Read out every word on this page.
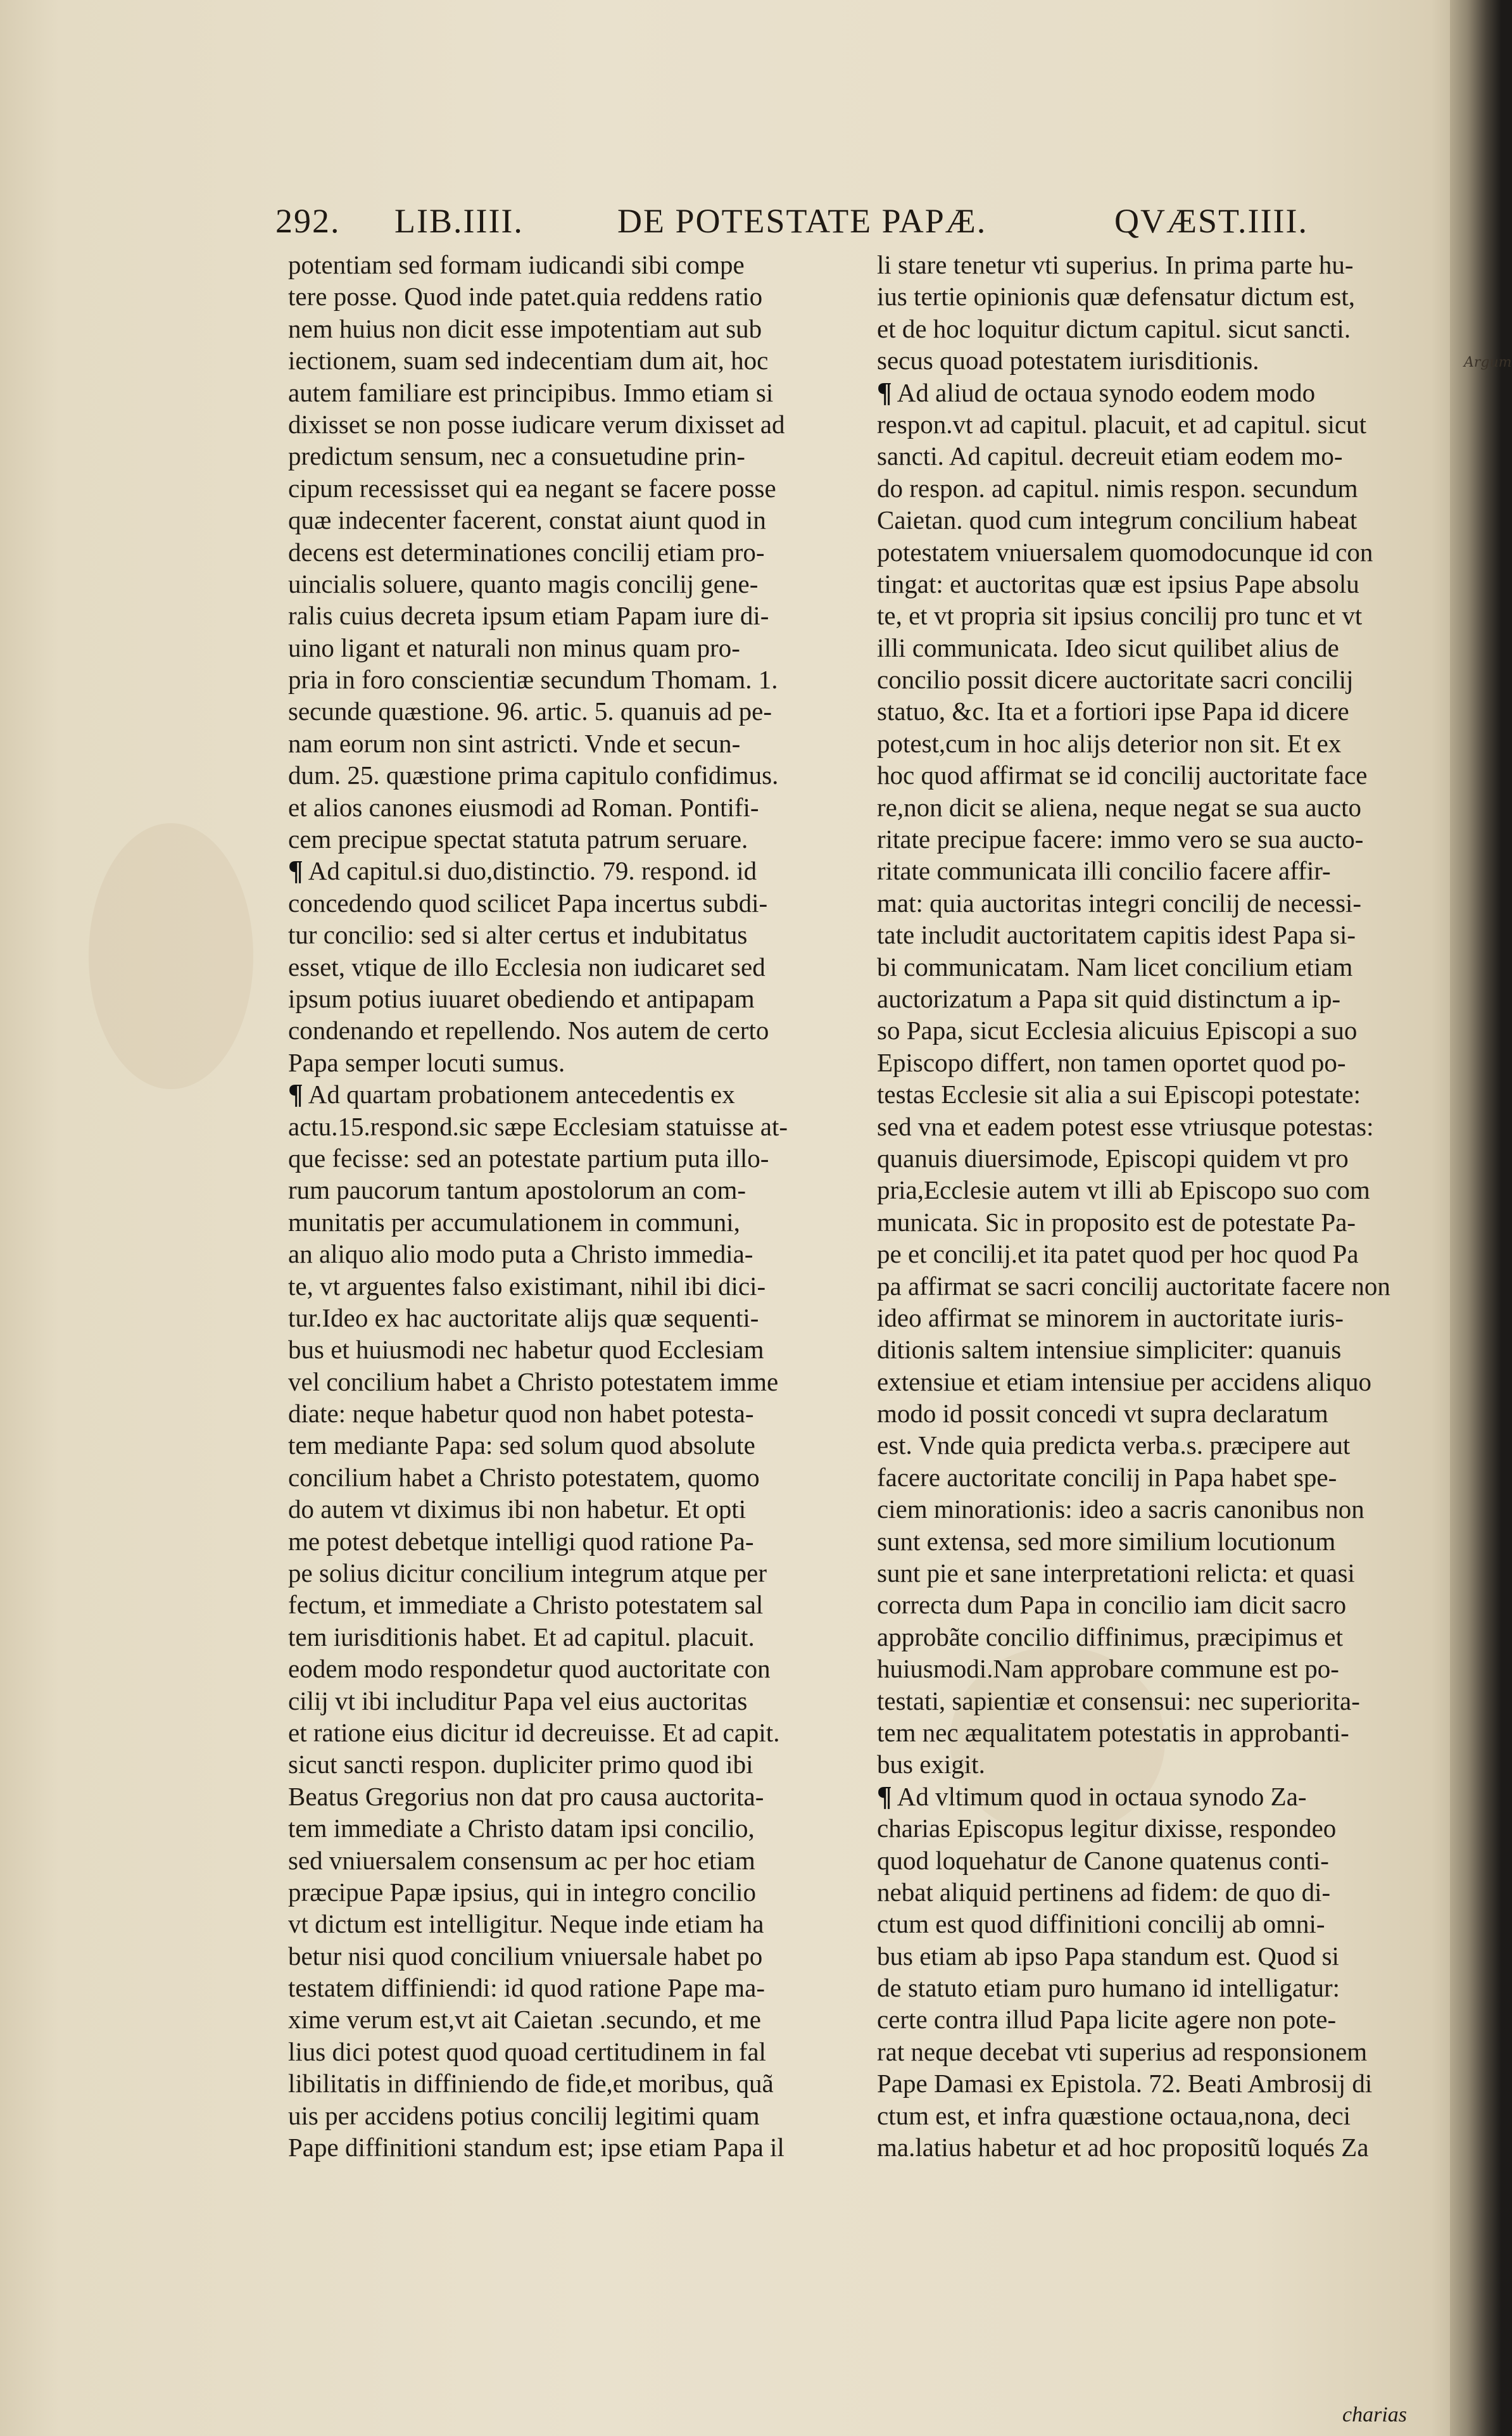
292. LIB.IIII.	DE POTESTATE PAPÆ.	QVÆST.IIII.
potentiam sed formam iudicandi sibi compe
tere posse. Quod inde patet.quia reddens ratio
nem huius non dicit esse impotentiam aut sub
iectionem, suam sed indecentiam dum ait, hoc
autem familiare est principibus. Immo etiam si
dixisset se non posse iudicare verum dixisset ad
predictum sensum, nec a consuetudine prin-
cipum recessisset qui ea negant se facere posse
quæ indecenter facerent, constat aiunt quod in
decens est determinationes concilij etiam pro-
uincialis soluere, quanto magis concilij gene-
ralis cuius decreta ipsum etiam Papam iure di-
uino ligant et naturali non minus quam pro-
pria in foro conscientiæ secundum Thomam. 1.
secunde quæstione. 96. artic. 5. quanuis ad pe-
nam eorum non sint astricti. Vnde et secun-
dum. 25. quæstione prima capitulo confidimus.
et alios canones eiusmodi ad Roman. Pontifi-
cem precipue spectat statuta patrum seruare.
¶ Ad capitul.si duo,distinctio. 79. respond. id
concedendo quod scilicet Papa incertus subdi-
tur concilio: sed si alter certus et indubitatus
esset, vtique de illo Ecclesia non iudicaret sed
ipsum potius iuuaret obediendo et antipapam
condenando et repellendo. Nos autem de certo
Papa semper locuti sumus.
¶ Ad quartam probationem antecedentis ex
actu.15.respond.sic sæpe Ecclesiam statuisse at-
que fecisse: sed an potestate partium puta illo-
rum paucorum tantum apostolorum an com-
munitatis per accumulationem in communi,
an aliquo alio modo puta a Christo immedia-
te, vt arguentes falso existimant, nihil ibi dici-
tur.Ideo ex hac auctoritate alijs quæ sequenti-
bus et huiusmodi nec habetur quod Ecclesiam
vel concilium habet a Christo potestatem imme
diate: neque habetur quod non habet potesta-
tem mediante Papa: sed solum quod absolute
concilium habet a Christo potestatem, quomo
do autem vt diximus ibi non habetur. Et opti
me potest debetque intelligi quod ratione Pa-
pe solius dicitur concilium integrum atque per
fectum, et immediate a Christo potestatem sal
tem iurisditionis habet. Et ad capitul. placuit.
eodem modo respondetur quod auctoritate con
cilij vt ibi includitur Papa vel eius auctoritas
et ratione eius dicitur id decreuisse. Et ad capit.
sicut sancti respon. dupliciter primo quod ibi
Beatus Gregorius non dat pro causa auctorita-
tem immediate a Christo datam ipsi concilio,
sed vniuersalem consensum ac per hoc etiam
præcipue Papæ ipsius, qui in integro concilio
vt dictum est intelligitur. Neque inde etiam ha
betur nisi quod concilium vniuersale habet po
testatem diffiniendi: id quod ratione Pape ma-
xime verum est,vt ait Caietan .secundo, et me
lius dici potest quod quoad certitudinem in fal
libilitatis in diffiniendo de fide,et moribus, quã
uis per accidens potius concilij legitimi quam
Pape diffinitioni standum est; ipse etiam Papa il
li stare tenetur vti superius. In prima parte hu-
ius tertie opinionis quæ defensatur dictum est,
et de hoc loquitur dictum capitul. sicut sancti.
secus quoad potestatem iurisditionis.
¶ Ad aliud de octaua synodo eodem modo
respon.vt ad capitul. placuit, et ad capitul. sicut
sancti. Ad capitul. decreuit etiam eodem mo-
do respon. ad capitul. nimis respon. secundum
Caietan. quod cum integrum concilium habeat
potestatem vniuersalem quomodocunque id con
tingat: et auctoritas quæ est ipsius Pape absolu
te, et vt propria sit ipsius concilij pro tunc et vt
illi communicata. Ideo sicut quilibet alius de
concilio possit dicere auctoritate sacri concilij
statuo, &c. Ita et a fortiori ipse Papa id dicere
potest,cum in hoc alijs deterior non sit. Et ex
hoc quod affirmat se id concilij auctoritate face
re,non dicit se aliena, neque negat se sua aucto
ritate precipue facere: immo vero se sua aucto-
ritate communicata illi concilio facere affir-
mat: quia auctoritas integri concilij de necessi-
tate includit auctoritatem capitis idest Papa si-
bi communicatam. Nam licet concilium etiam
auctorizatum a Papa sit quid distinctum a ip-
so Papa, sicut Ecclesia alicuius Episcopi a suo
Episcopo differt, non tamen oportet quod po-
testas Ecclesie sit alia a sui Episcopi potestate:
sed vna et eadem potest esse vtriusque potestas:
quanuis diuersimode, Episcopi quidem vt pro
pria,Ecclesie autem vt illi ab Episcopo suo com
municata. Sic in proposito est de potestate Pa-
pe et concilij.et ita patet quod per hoc quod Pa
pa affirmat se sacri concilij auctoritate facere non
ideo affirmat se minorem in auctoritate iuris-
ditionis saltem intensiue simpliciter: quanuis
extensiue et etiam intensiue per accidens aliquo
modo id possit concedi vt supra declaratum
est. Vnde quia predicta verba.s. præcipere aut
facere auctoritate concilij in Papa habet spe-
ciem minorationis: ideo a sacris canonibus non
sunt extensa, sed more similium locutionum
sunt pie et sane interpretationi relicta: et quasi
correcta dum Papa in concilio iam dicit sacro
approbãte concilio diffinimus, præcipimus et
huiusmodi.Nam approbare commune est po-
testati, sapientiæ et consensui: nec superiorita-
tem nec æqualitatem potestatis in approbanti-
bus exigit.
¶ Ad vltimum quod in octaua synodo Za-
charias Episcopus legitur dixisse, respondeo
quod loquehatur de Canone quatenus conti-
nebat aliquid pertinens ad fidem: de quo di-
ctum est quod diffinitioni concilij ab omni-
bus etiam ab ipso Papa standum est. Quod si
de statuto etiam puro humano id intelligatur:
certe contra illud Papa licite agere non pote-
rat neque decebat vti superius ad responsionem
Pape Damasi ex Epistola. 72. Beati Ambrosij di
ctum est, et infra quæstione octaua,nona, deci
ma.latius habetur et ad hoc propositũ loqués Za
charias
Argum
